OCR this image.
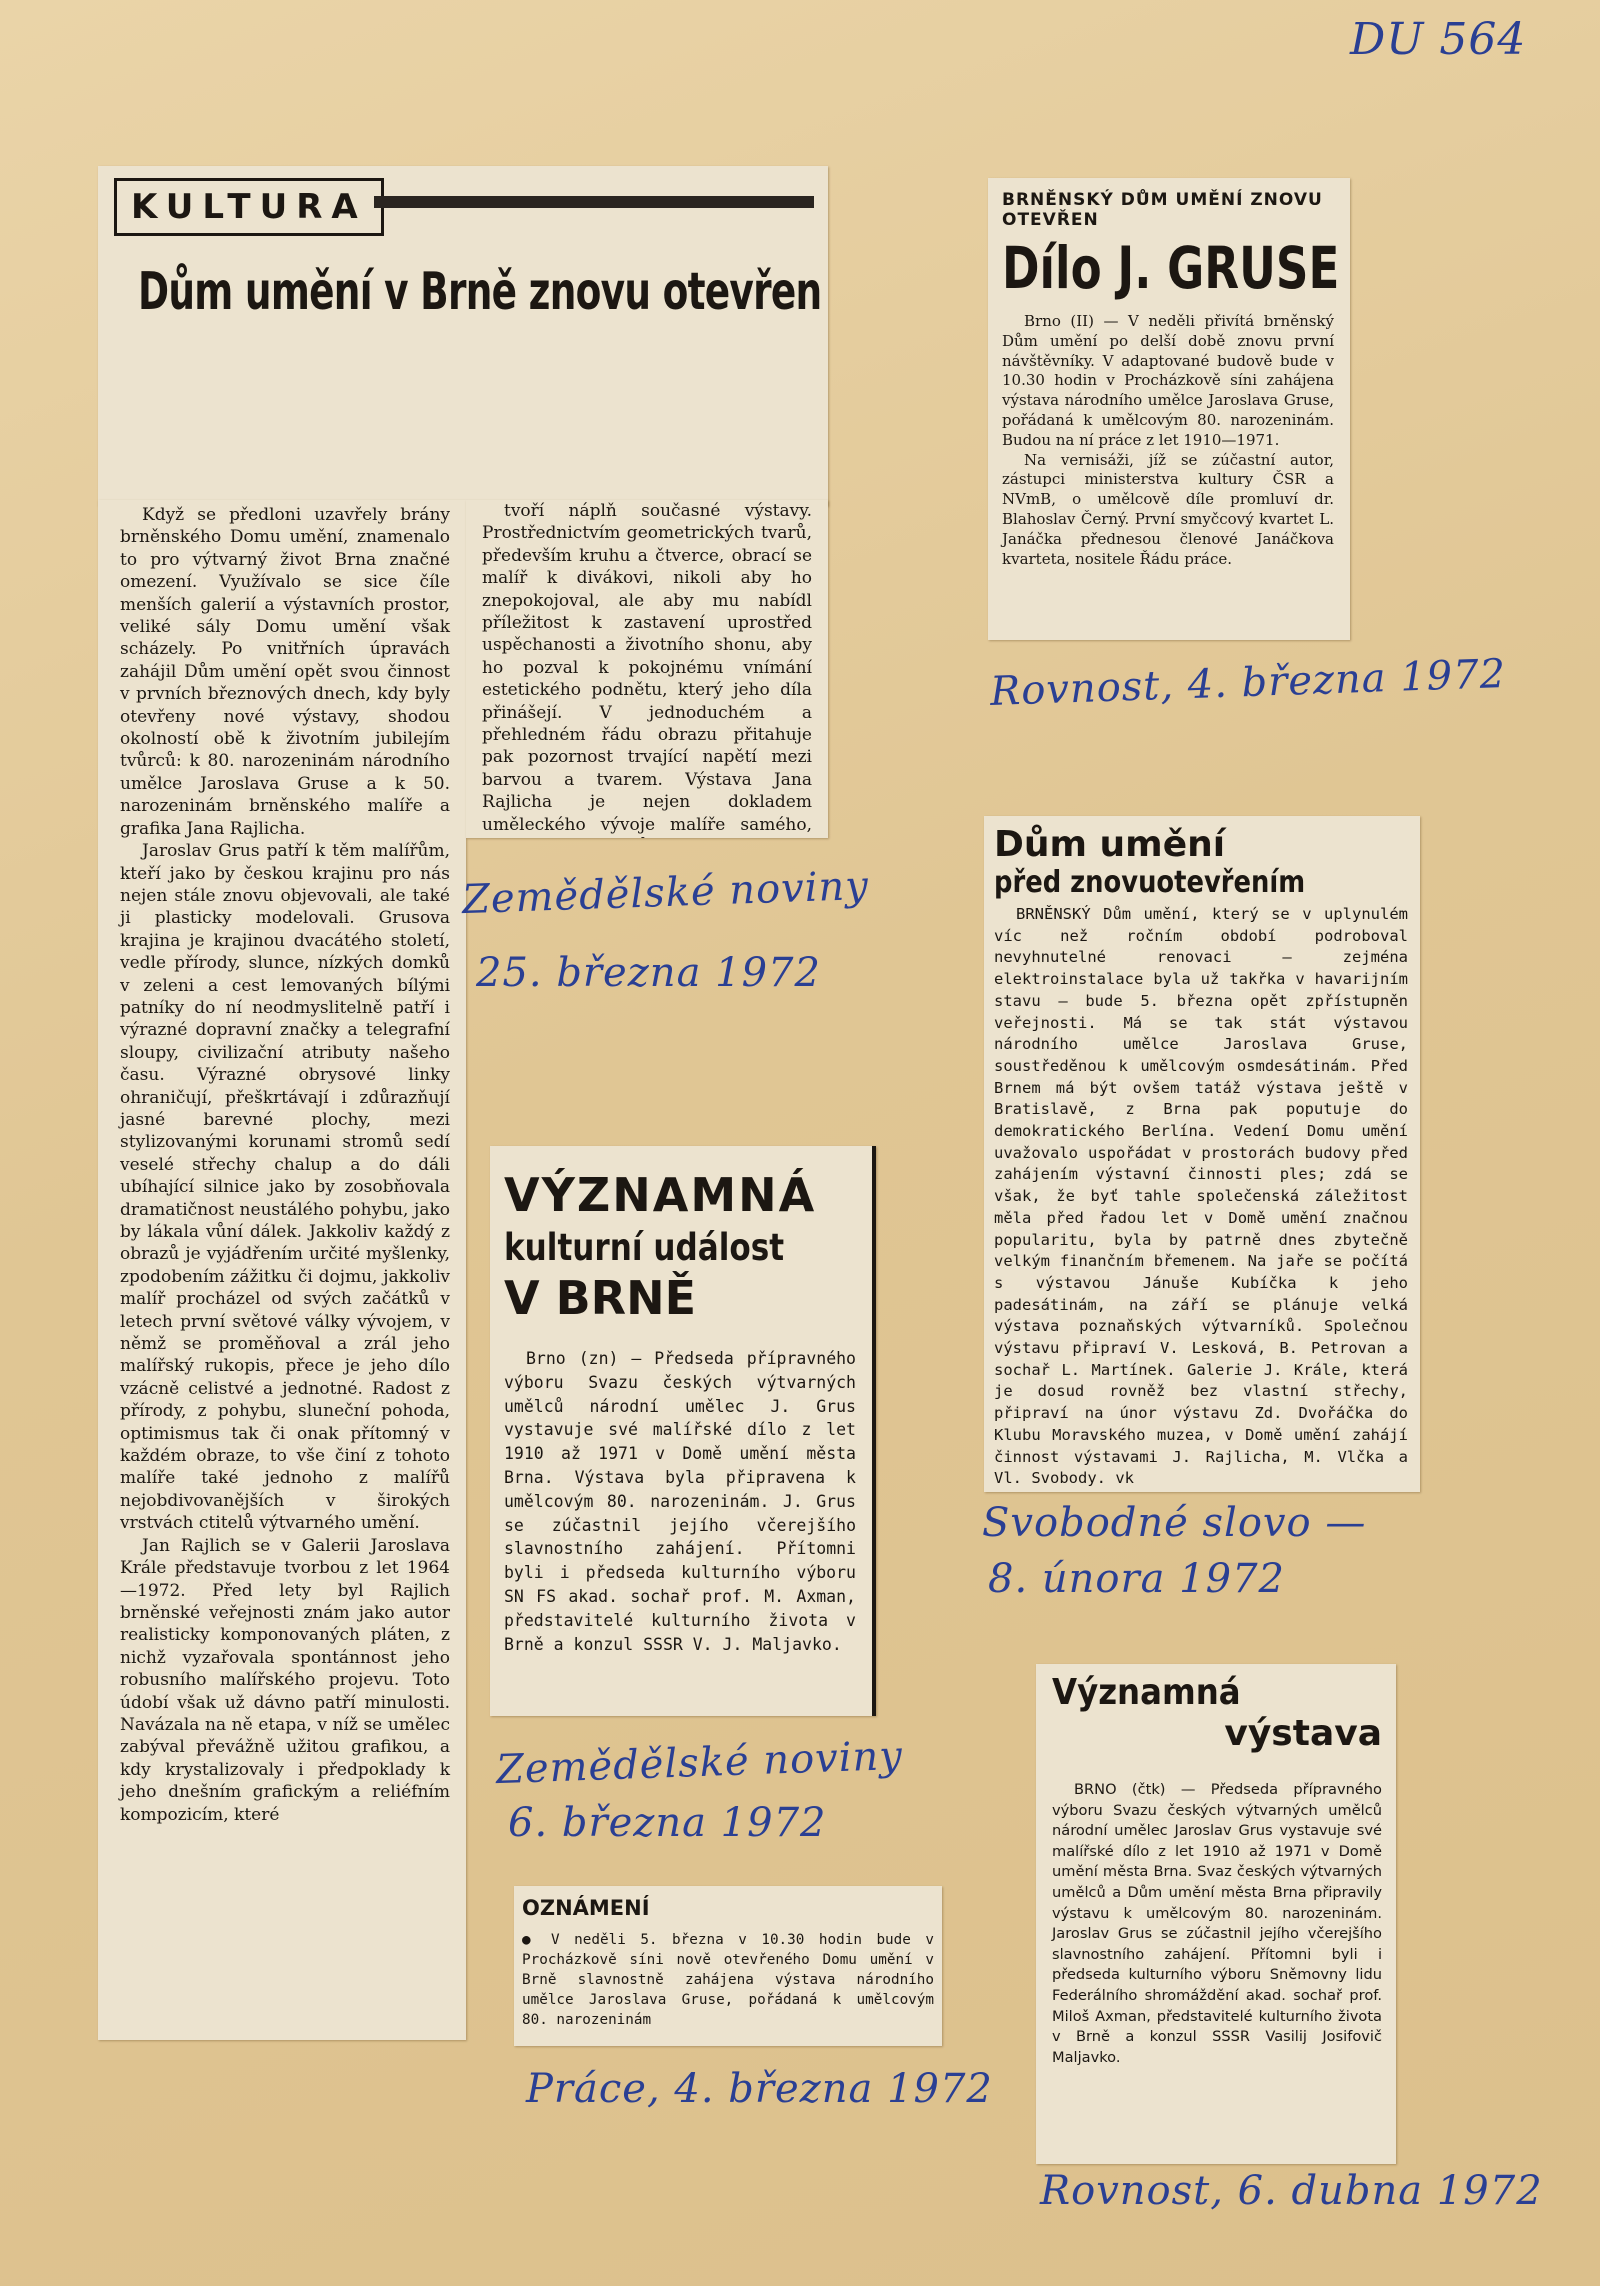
DU 564
KULTURA
Dům umění v Brně znovu otevřen

Když se předloni uzavřely brány brněnského Domu umění, znamenalo to pro výtvarný život Brna značné omezení. Využívalo se sice číle menších galerií a výstavních prostor, veliké sály Domu umění však scházely. Po vnitřních úpravách zahájil Dům umění opět svou činnost v prvních březnových dnech, kdy byly otevřeny nové výstavy, shodou okolností obě k životním jubilejím tvůrců: k 80. narozeninám národního umělce Jaroslava Gruse a k 50. narozeninám brněnského malíře a grafika Jana Rajlicha.

Jaroslav Grus patří k těm malířům, kteří jako by českou krajinu pro nás nejen stále znovu objevovali, ale také ji plasticky modelovali. Grusova krajina je krajinou dvacátého století, vedle přírody, slunce, nízkých domků v zeleni a cest lemovaných bílými patníky do ní neodmyslitelně patří i výrazné dopravní značky a telegrafní sloupy, civilizační atributy našeho času. Výrazné obrysové linky ohraničují, přeškrtávají i zdůrazňují jasné barevné plochy, mezi stylizovanými korunami stromů sedí veselé střechy chalup a do dáli ubíhající silnice jako by zosobňovala dramatičnost neustálého pohybu, jako by lákala vůní dálek. Jakkoliv každý z obrazů je vyjádřením určité myšlenky, zpodobením zážitku či dojmu, jakkoliv malíř procházel od svých začátků v letech první světové války vývojem, v němž se proměňoval a zrál jeho malířský rukopis, přece je jeho dílo vzácně celistvé a jednotné. Radost z přírody, z pohybu, sluneční pohoda, optimismus tak či onak přítomný v každém obraze, to vše činí z tohoto malíře také jednoho z malířů nejobdivovanějších v širokých vrstvách ctitelů výtvarného umění.

Jan Rajlich se v Galerii Jaroslava Krále představuje tvorbou z let 1964—1972. Před lety byl Rajlich brněnské veřejnosti znám jako autor realisticky komponovaných pláten, z nichž vyzařovala spontánnost jeho robusního malířského projevu. Toto údobí však už dávno patří minulosti. Navázala na ně etapa, v níž se umělec zabýval převážně užitou grafikou, a kdy krystalizovaly i předpoklady k jeho dnešním grafickým a reliéfním kompozicím, které

tvoří náplň současné výstavy. Prostřednictvím geometrických tvarů, především kruhu a čtverce, obrací se malíř k divákovi, nikoli aby ho znepokojoval, ale aby mu nabídl příležitost k zastavení uprostřed uspěchanosti a životního shonu, aby ho pozval k pokojnému vnímání estetického podnětu, který jeho díla přinášejí. V jednoduchém a přehledném řádu obrazu přitahuje pak pozornost trvající napětí mezi barvou a tvarem. Výstava Jana Rajlicha je nejen dokladem uměleckého vývoje malíře samého,

Zemědělské noviny
25. března 1972
BRNĚNSKÝ DŮM UMĚNÍ ZNOVU OTEVŘEN
Dílo J. GRUSE

Brno (II) — V neděli přivítá brněnský Dům umění po delší době znovu první návštěvníky. V adaptované budově bude v 10.30 hodin v Procházkově síni zahájena výstava národního umělce Jaroslava Gruse, pořádaná k umělcovým 80. narozeninám. Budou na ní práce z let 1910—1971.

Na vernisáži, jíž se zúčastní autor, zástupci ministerstva kultury ČSR a NVmB, o umělcově díle promluví dr. Blahoslav Černý. První smyčcový kvartet L. Janáčka přednesou členové Janáčkova kvarteta, nositele Řádu práce.

Rovnost, 4. března 1972
Dům umění
před znovuotevřením

BRNĚNSKÝ Dům umění, který se v uplynulém víc než ročním období podroboval nevyhnutelné renovaci — zejména elektroinstalace byla už takřka v havarijním stavu — bude 5. března opět zpřístupněn veřejnosti. Má se tak stát výstavou národního umělce Jaroslava Gruse, soustředěnou k umělcovým osmdesátinám. Před Brnem má být ovšem tatáž výstava ještě v Bratislavě, z Brna pak poputuje do demokratického Berlína. Vedení Domu umění uvažovalo uspořádat v prostorách budovy před zahájením výstavní činnosti ples; zdá se však, že byť tahle společenská záležitost měla před řadou let v Domě umění značnou popularitu, byla by patrně dnes zbytečně velkým finančním břemenem. Na jaře se počítá s výstavou Jánuše Kubíčka k jeho padesátinám, na září se plánuje velká výstava poznaňských výtvarníků. Společnou výstavu připraví V. Lesková, B. Petrovan a sochař L. Martínek. Galerie J. Krále, která je dosud rovněž bez vlastní střechy, připraví na únor výstavu Zd. Dvořáčka do Klubu Moravského muzea, v Domě umění zahájí činnost výstavami J. Rajlicha, M. Vlčka a Vl. Svobody. vk

Svobodné slovo —
8. února 1972
VÝZNAMNÁ
kulturní událost
V BRNĚ

Brno (zn) — Předseda přípravného výboru Svazu českých výtvarných umělců národní umělec J. Grus vystavuje své malířské dílo z let 1910 až 1971 v Domě umění města Brna. Výstava byla připravena k umělcovým 80. narozeninám. J. Grus se zúčastnil jejího včerejšího slavnostního zahájení. Přítomni byli i předseda kulturního výboru SN FS akad. sochař prof. M. Axman, představitelé kulturního života v Brně a konzul SSSR V. J. Maljavko.

Zemědělské noviny
6. března 1972
OZNÁMENÍ

● V neděli 5. března v 10.30 hodin bude v Procházkově síni nově otevřeného Domu umění v Brně slavnostně zahájena výstava národního umělce Jaroslava Gruse, pořádaná k umělcovým 80. narozeninám

Práce, 4. března 1972
Významná
výstava

BRNO (čtk) — Předseda přípravného výboru Svazu českých výtvarných umělců národní umělec Jaroslav Grus vystavuje své malířské dílo z let 1910 až 1971 v Domě umění města Brna. Svaz českých výtvarných umělců a Dům umění města Brna připravily výstavu k umělcovým 80. narozeninám. Jaroslav Grus se zúčastnil jejího včerejšího slavnostního zahájení. Přítomni byli i předseda kulturního výboru Sněmovny lidu Federálního shromáždění akad. sochař prof. Miloš Axman, představitelé kulturního života v Brně a konzul SSSR Vasilij Josifovič Maljavko.

Rovnost, 6. dubna 1972
